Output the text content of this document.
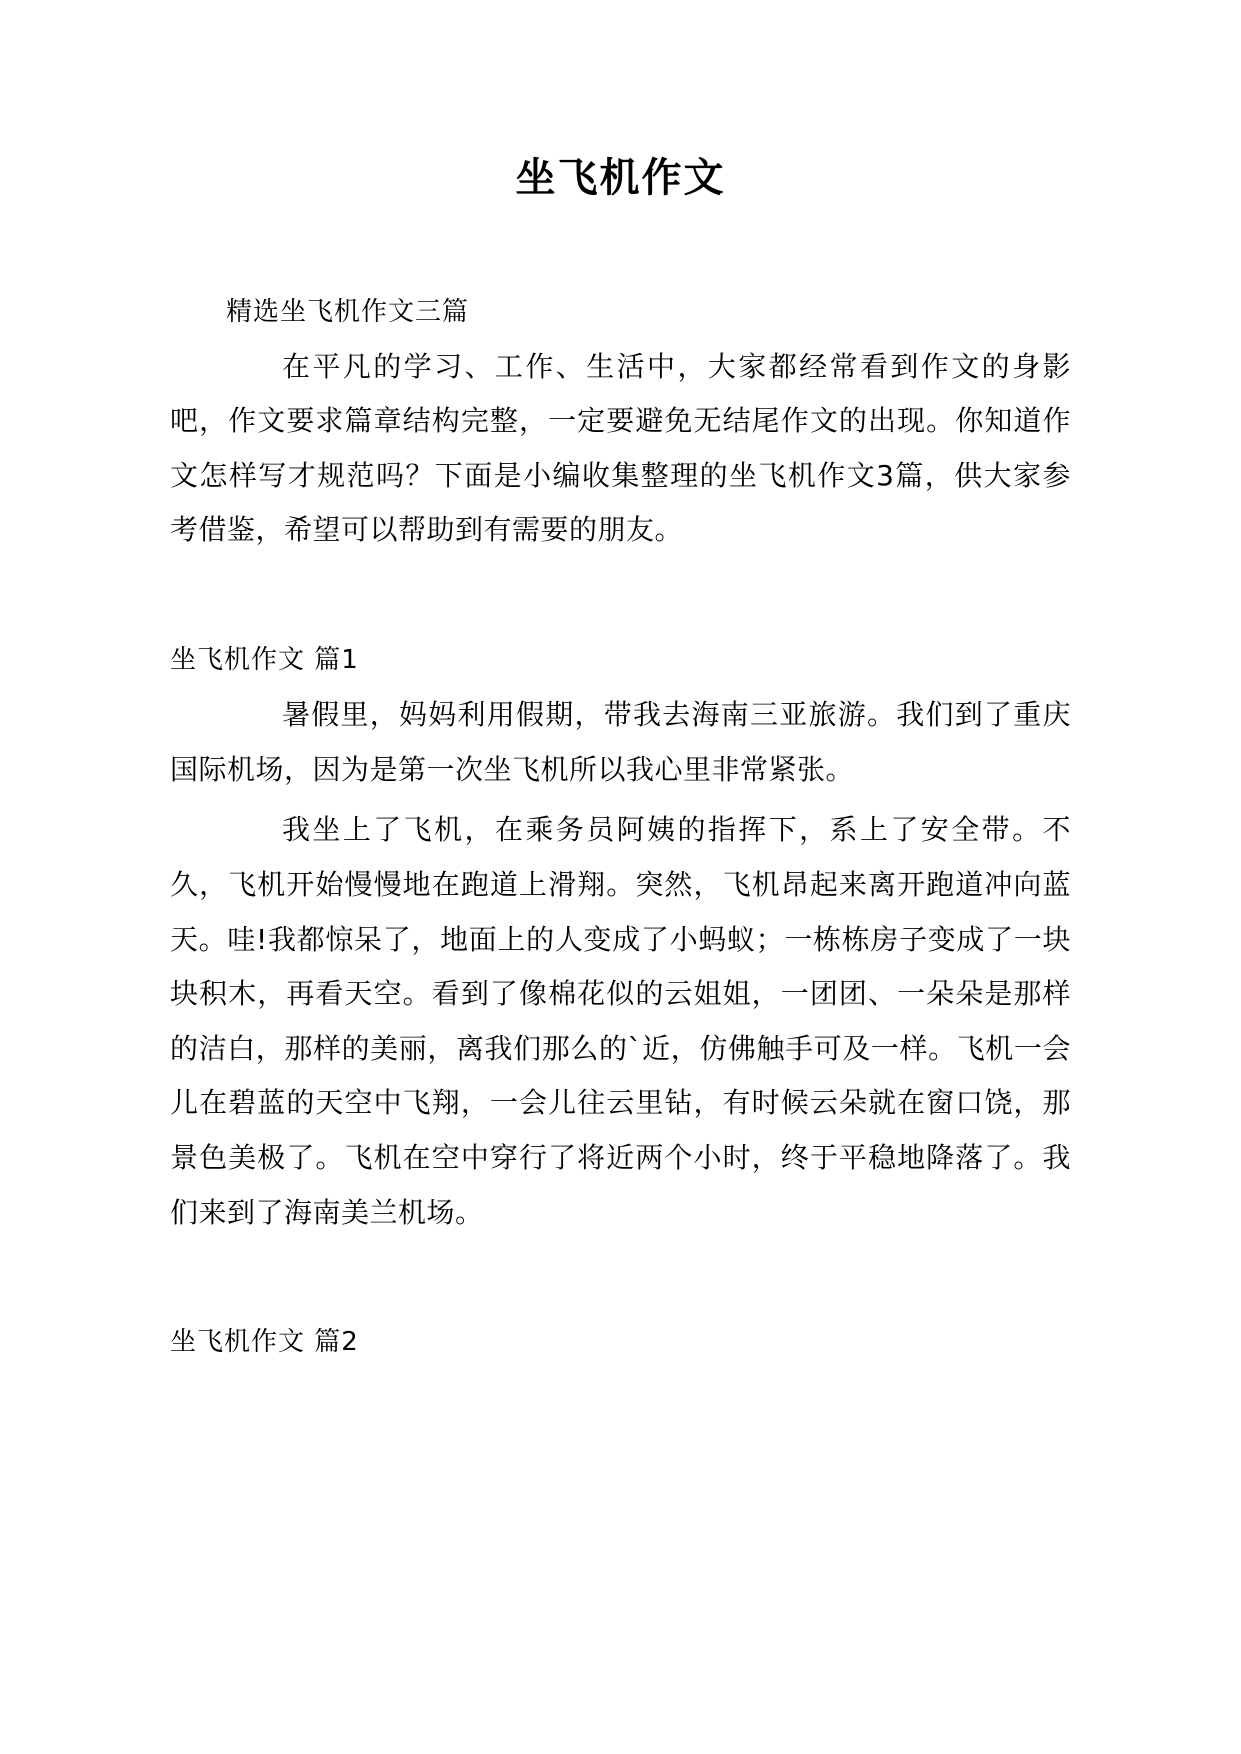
坐飞机作文
精选坐飞机作文三篇

在平凡的学习、工作、生活中，大家都经常看到作文的身影吧，作文要求篇章结构完整，一定要避免无结尾作文的出现。你知道作文怎样写才规范吗？下面是小编收集整理的坐飞机作文3篇，供大家参考借鉴，希望可以帮助到有需要的朋友。

坐飞机作文 篇1

暑假里，妈妈利用假期，带我去海南三亚旅游。我们到了重庆国际机场，因为是第一次坐飞机所以我心里非常紧张。

我坐上了飞机，在乘务员阿姨的指挥下，系上了安全带。不久，飞机开始慢慢地在跑道上滑翔。突然，飞机昂起来离开跑道冲向蓝天。哇!我都惊呆了，地面上的人变成了小蚂蚁；一栋栋房子变成了一块块积木，再看天空。看到了像棉花似的云姐姐，一团团、一朵朵是那样的洁白，那样的美丽，离我们那么的`近，仿佛触手可及一样。飞机一会儿在碧蓝的天空中飞翔，一会儿往云里钻，有时候云朵就在窗口饶，那景色美极了。飞机在空中穿行了将近两个小时，终于平稳地降落了。我们来到了海南美兰机场。

坐飞机作文 篇2
